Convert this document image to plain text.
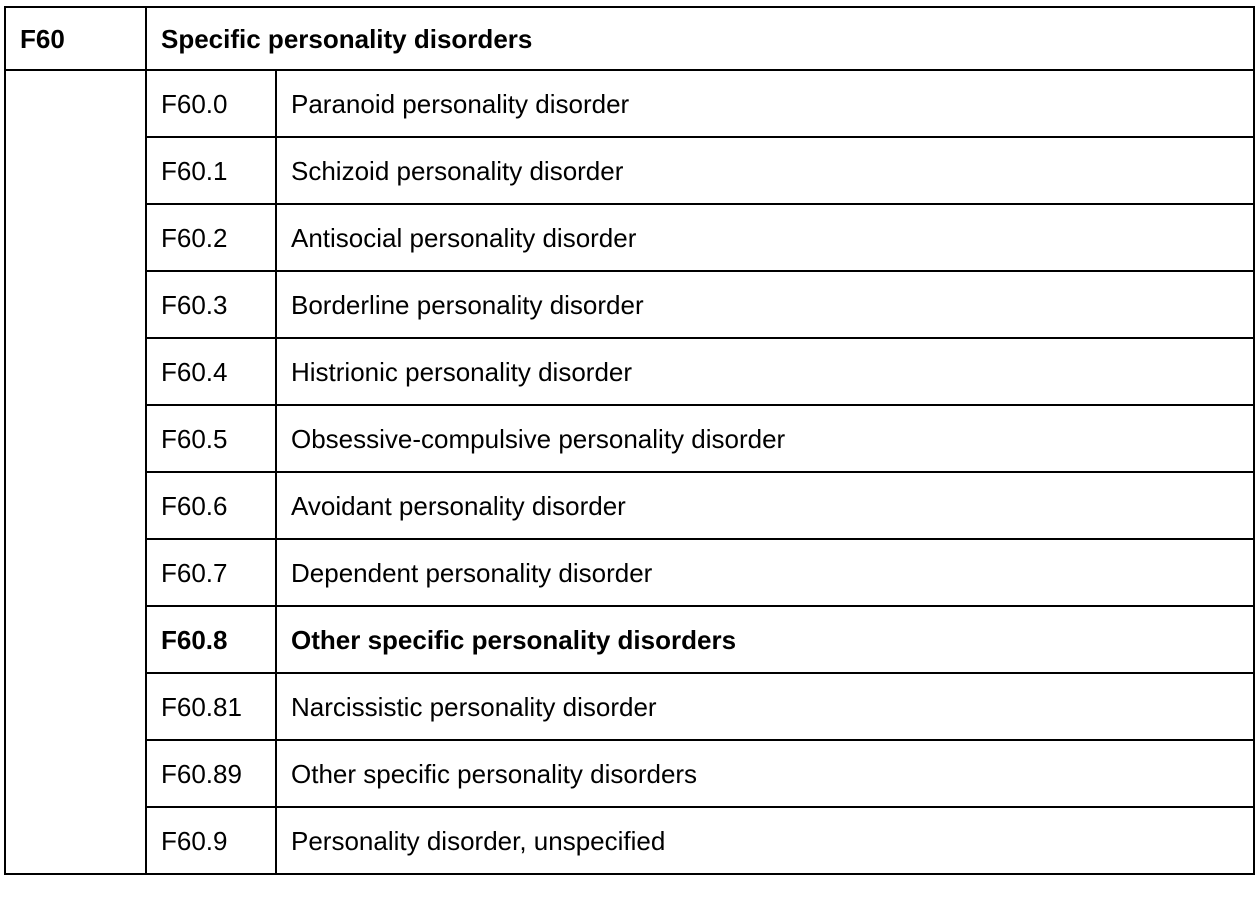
F60	Specific personality disorders	
	F60.0	Paranoid personality disorder
	F60.1	Schizoid personality disorder
	F60.2	Antisocial personality disorder
	F60.3	Borderline personality disorder
	F60.4	Histrionic personality disorder
	F60.5	Obsessive-compulsive personality disorder
	F60.6	Avoidant personality disorder
	F60.7	Dependent personality disorder
	F60.8	Other specific personality disorders
	F60.81	Narcissistic personality disorder
	F60.89	Other specific personality disorders
	F60.9	Personality disorder, unspecified
